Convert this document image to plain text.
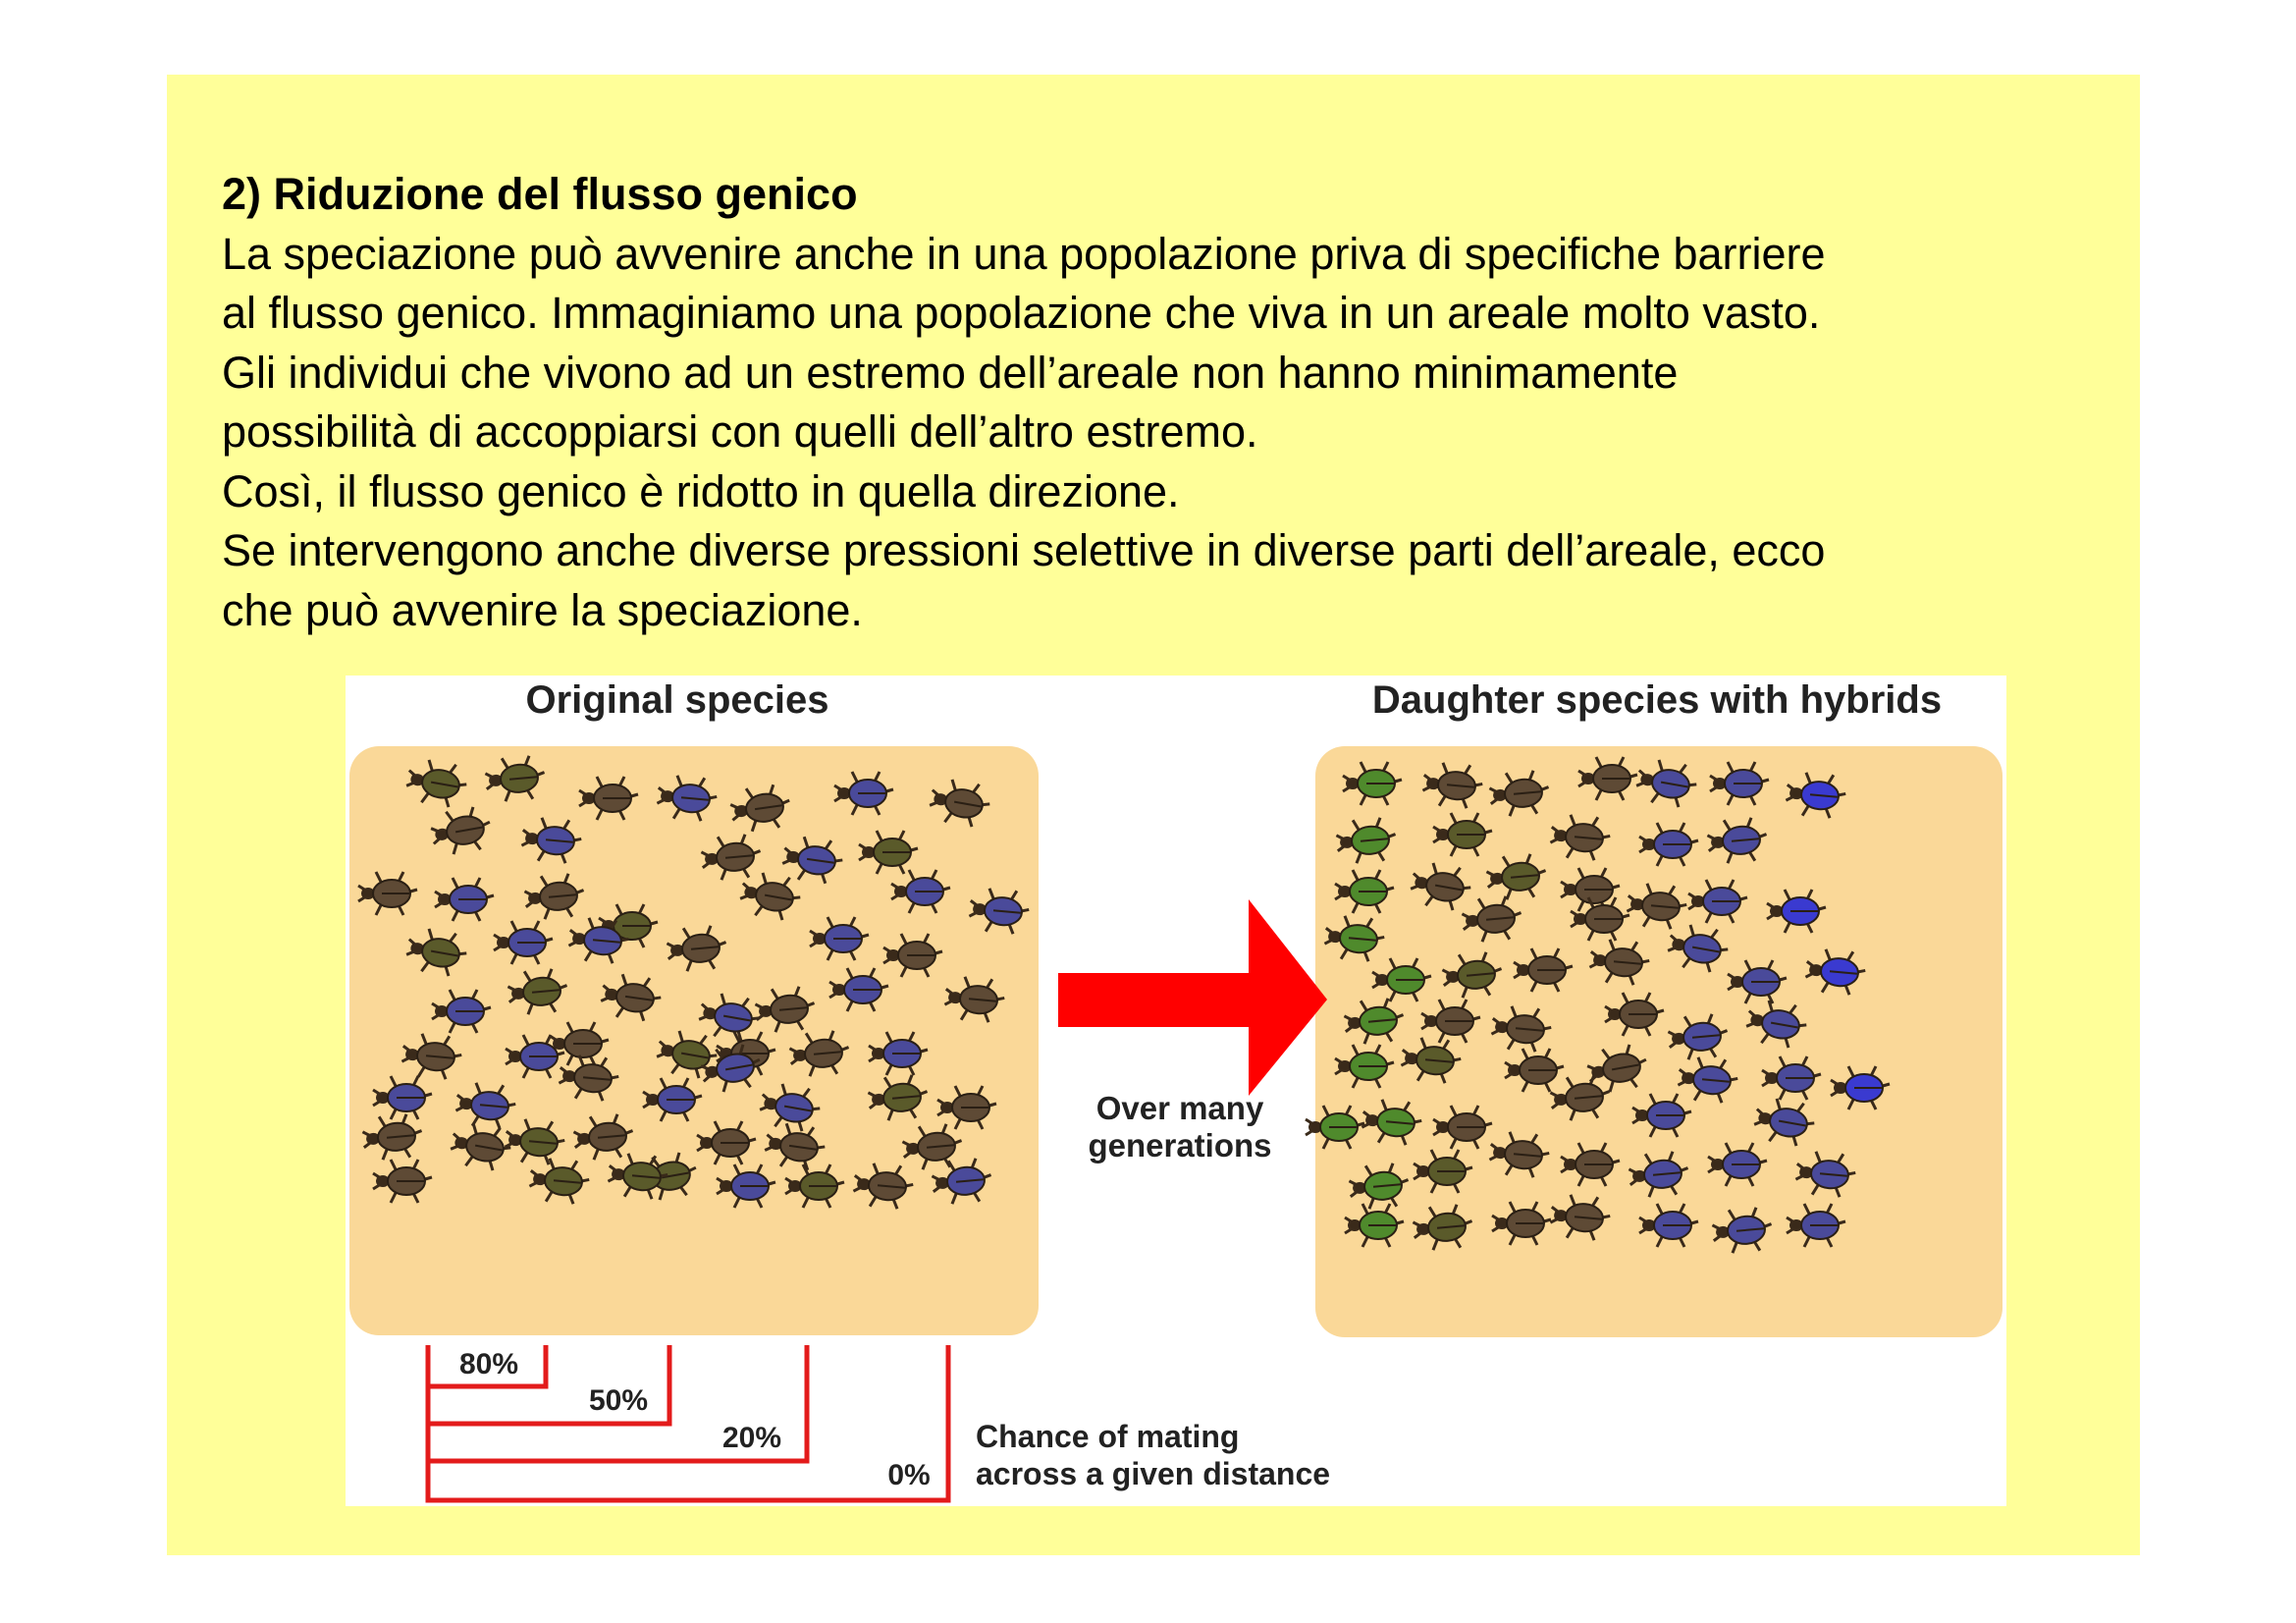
2) Riduzione del flusso genico
La speciazione può avvenire anche in una popolazione priva di specifiche barriere
al flusso genico. Immaginiamo una popolazione che viva in un areale molto vasto.
Gli individui che vivono ad un estremo dell’areale non hanno minimamente
possibilità di accoppiarsi con quelli dell’altro estremo.
Così, il flusso genico è ridotto in quella direzione.
Se intervengono anche diverse pressioni selettive in diverse parti dell’areale, ecco
che può avvenire la speciazione.
Original species	Daughter species with hybrids
Over many
generations
80%
50%
20%
0%
Chance of mating
across a given distance
